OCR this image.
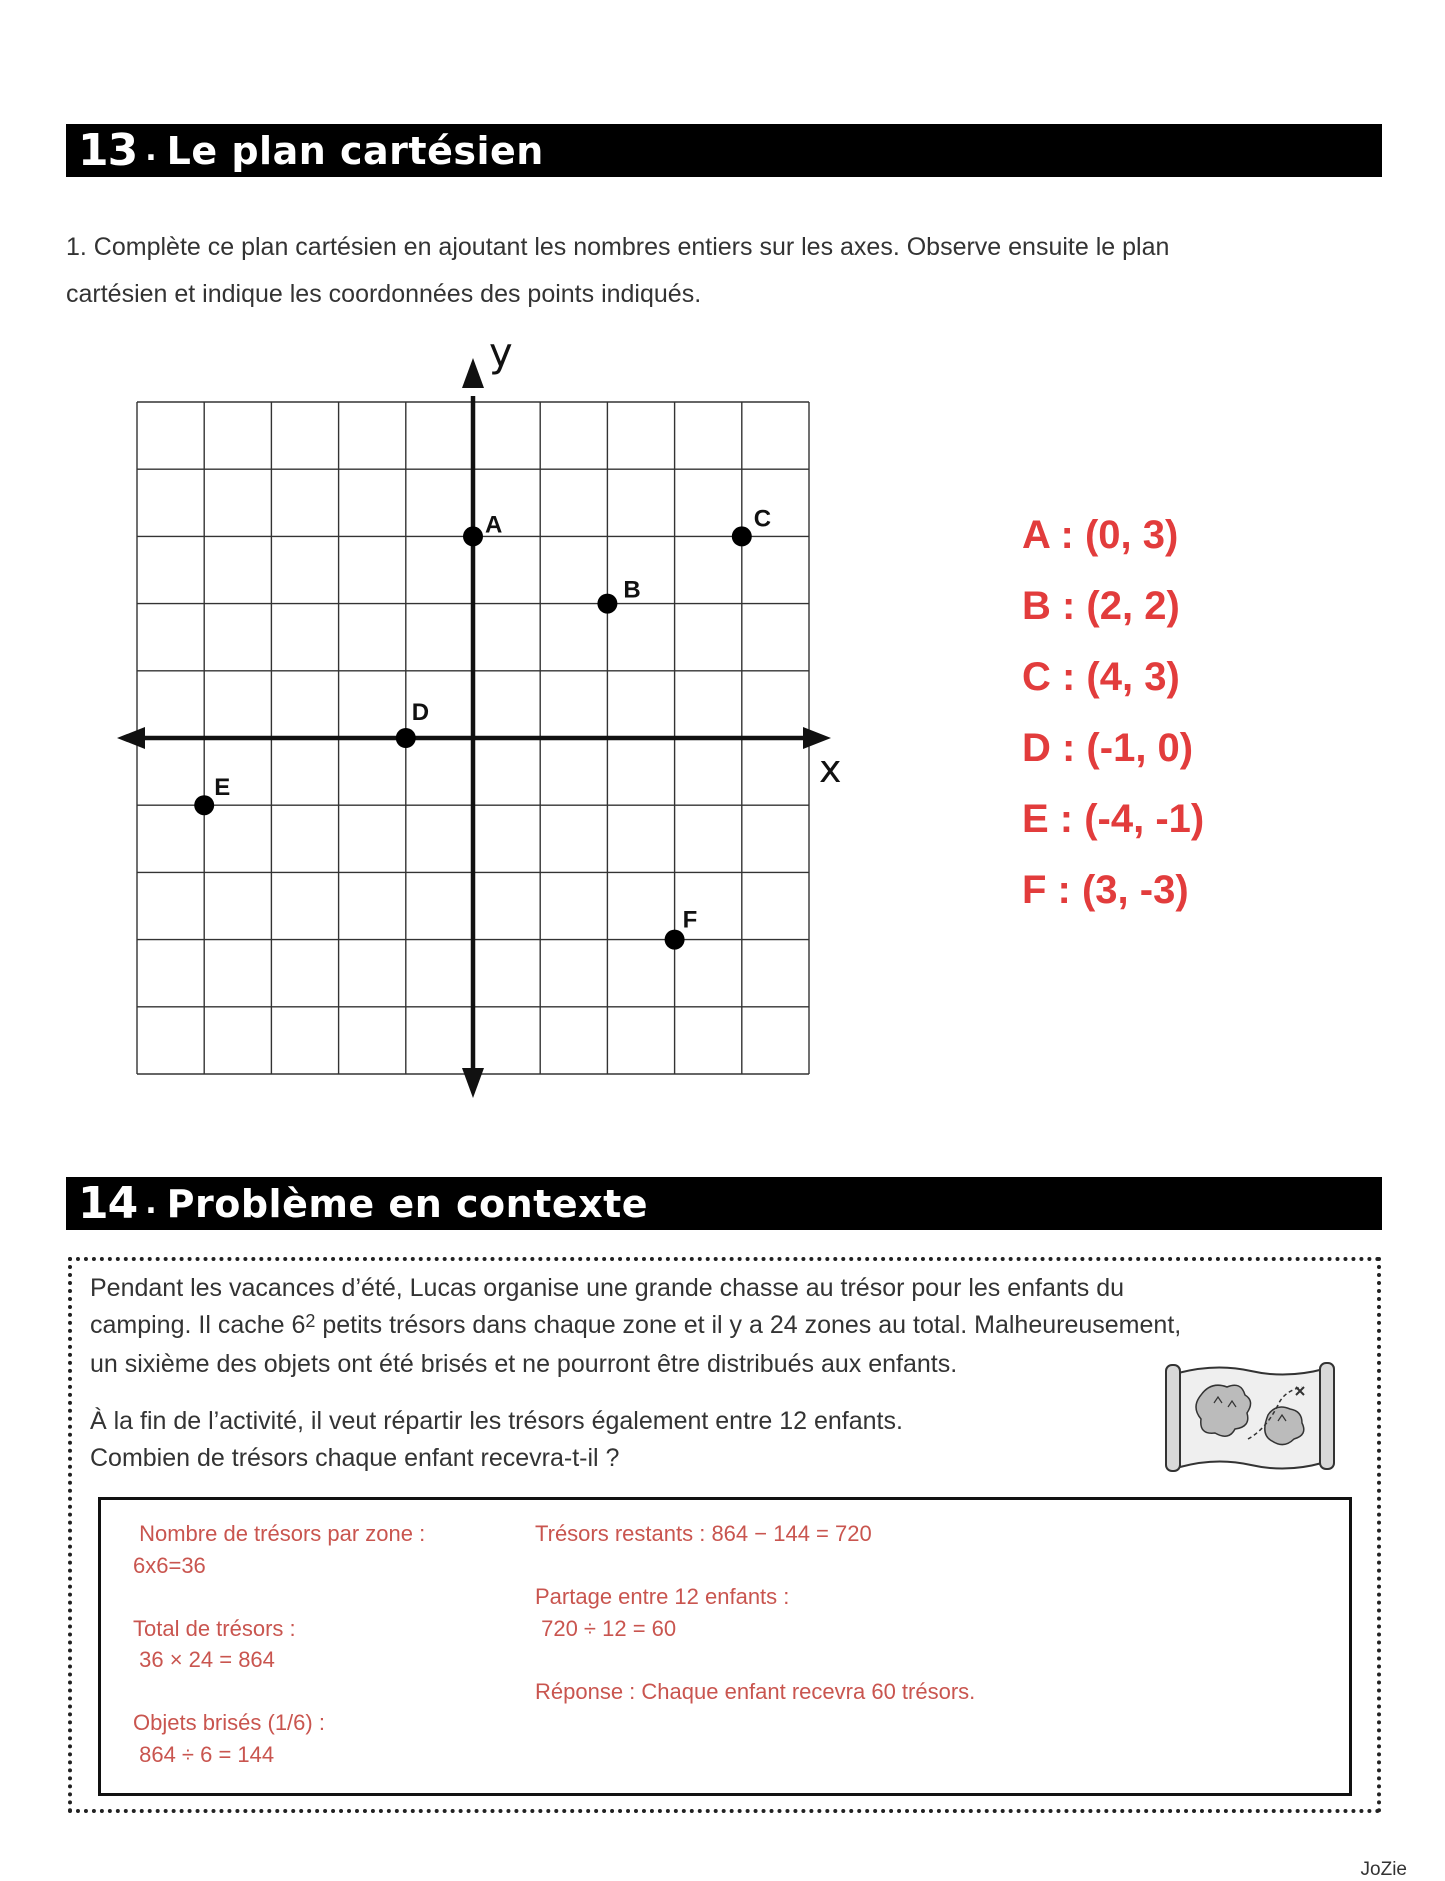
13 . Le plan cartésien
1. Complète ce plan cartésien en ajoutant les nombres entiers sur les axes. Observe ensuite le plan
cartésien et indique les coordonnées des points indiqués.
x
y
A
B
C
D
E
F
A : (0, 3)
B : (2, 2)
C : (4, 3)
D : (-1, 0)
E : (-4, -1)
F : (3, -3)
14 . Problème en contexte

Pendant les vacances d’été, Lucas organise une grande chasse au trésor pour les enfants du
camping. Il cache $6^2$ petits trésors dans chaque zone et il y a 24 zones au total. Malheureusement,
un sixième des objets ont été brisés et ne pourront être distribués aux enfants.

À la fin de l’activité, il veut répartir les trésors également entre 12 enfants.
Combien de trésors chaque enfant recevra-t-il ?

Nombre de trésors par zone :
6x6=36
Total de trésors :
36 × 24 = 864
Objets brisés (1/6) :
864 ÷ 6 = 144
Trésors restants : 864 − 144 = 720
Partage entre 12 enfants :
720 ÷ 12 = 60
Réponse : Chaque enfant recevra 60 trésors.
JoZie
